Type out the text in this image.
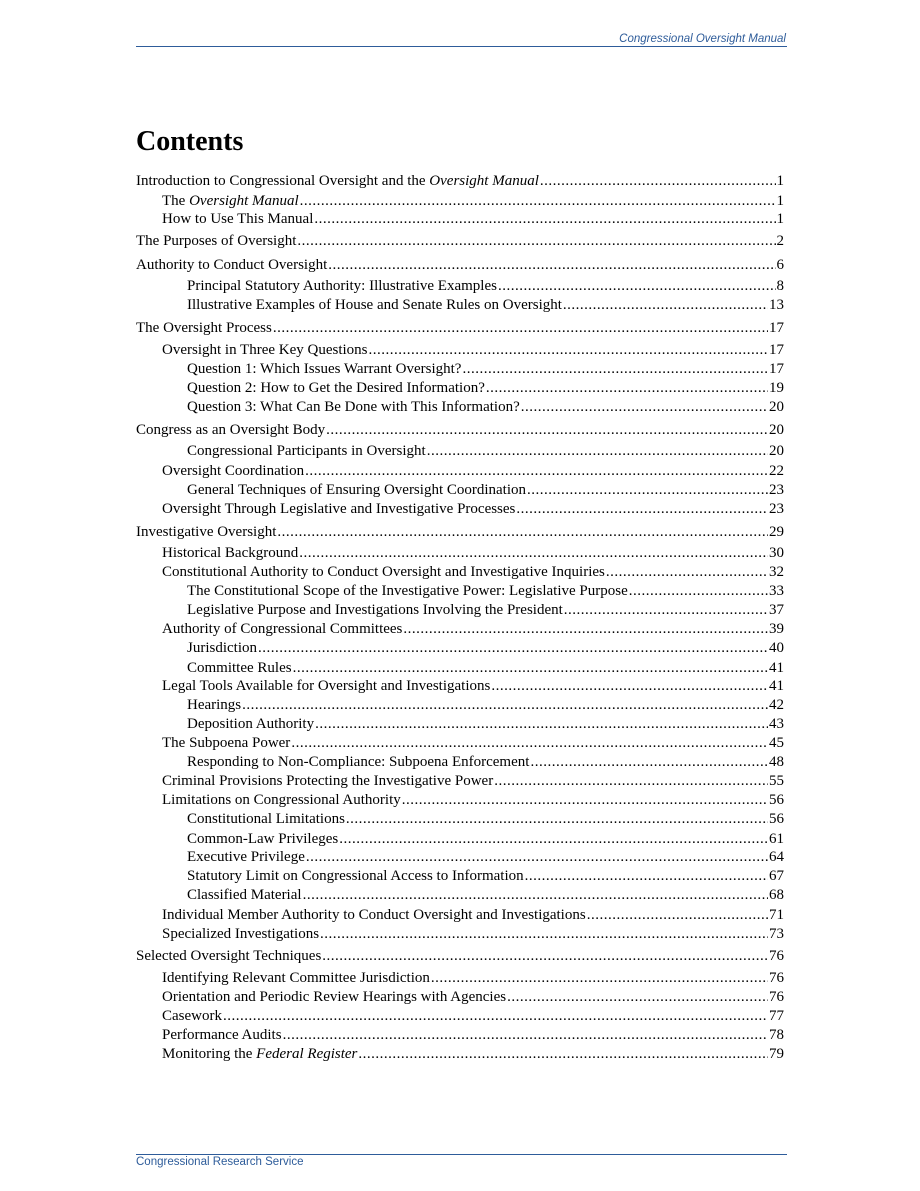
Congressional Oversight Manual
Contents
Introduction to Congressional Oversight and the Oversight Manual .....	1
The Oversight Manual .....	1
How to Use This Manual .....	1
The Purposes of Oversight .....	2
Authority to Conduct Oversight .....	6
Principal Statutory Authority: Illustrative Examples .....	8
Illustrative Examples of House and Senate Rules on Oversight .....	13
The Oversight Process .....	17
Oversight in Three Key Questions .....	17
Question 1: Which Issues Warrant Oversight? .....	17
Question 2: How to Get the Desired Information? .....	19
Question 3: What Can Be Done with This Information? .....	20
Congress as an Oversight Body .....	20
Congressional Participants in Oversight .....	20
Oversight Coordination .....	22
General Techniques of Ensuring Oversight Coordination .....	23
Oversight Through Legislative and Investigative Processes .....	23
Investigative Oversight .....	29
Historical Background .....	30
Constitutional Authority to Conduct Oversight and Investigative Inquiries .....	32
The Constitutional Scope of the Investigative Power: Legislative Purpose .....	33
Legislative Purpose and Investigations Involving the President .....	37
Authority of Congressional Committees .....	39
Jurisdiction .....	40
Committee Rules .....	41
Legal Tools Available for Oversight and Investigations .....	41
Hearings .....	42
Deposition Authority .....	43
The Subpoena Power .....	45
Responding to Non-Compliance: Subpoena Enforcement .....	48
Criminal Provisions Protecting the Investigative Power .....	55
Limitations on Congressional Authority .....	56
Constitutional Limitations .....	56
Common-Law Privileges .....	61
Executive Privilege .....	64
Statutory Limit on Congressional Access to Information .....	67
Classified Material .....	68
Individual Member Authority to Conduct Oversight and Investigations .....	71
Specialized Investigations .....	73
Selected Oversight Techniques .....	76
Identifying Relevant Committee Jurisdiction .....	76
Orientation and Periodic Review Hearings with Agencies .....	76
Casework .....	77
Performance Audits .....	78
Monitoring the Federal Register .....	79
Congressional Research Service
